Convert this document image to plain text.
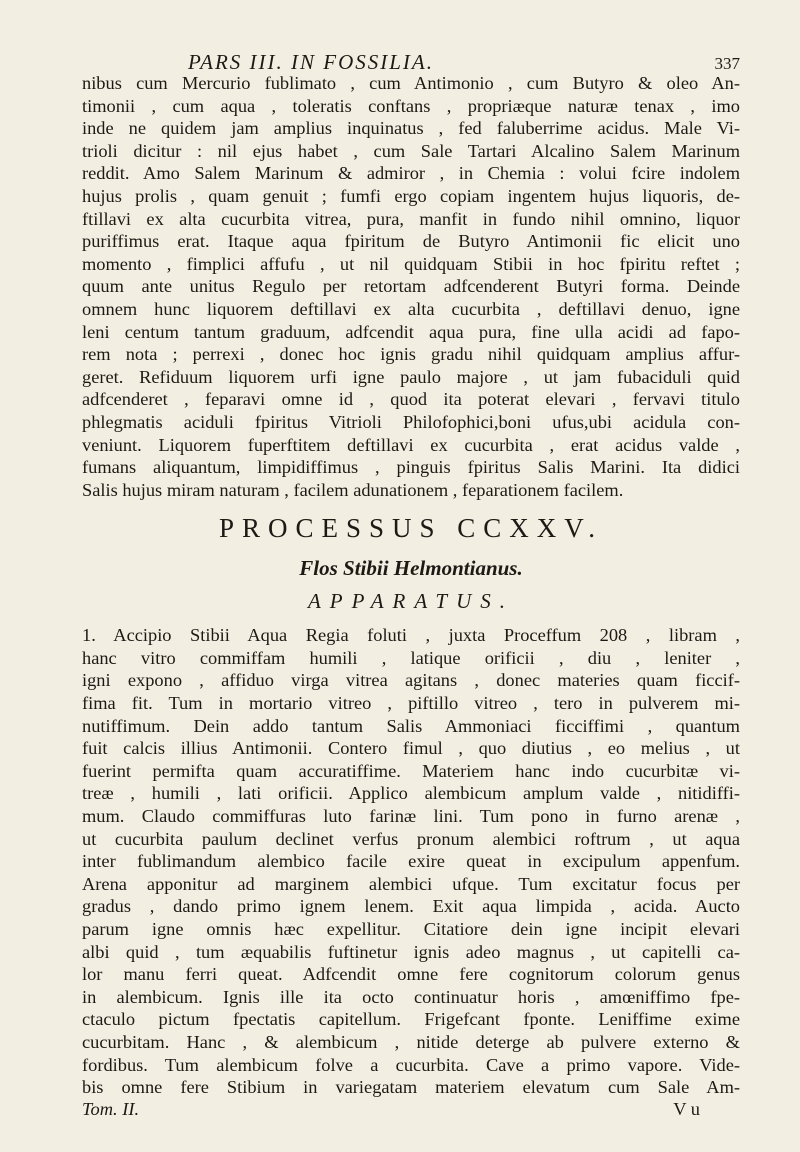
PARS III. IN FOSSILIA.	337

nibus cum Mercurio fublimato , cum Antimonio , cum Butyro & oleo An-
timonii , cum aqua , toleratis conftans , propriæque naturæ tenax , imo
inde ne quidem jam amplius inquinatus , fed faluberrime acidus. Male Vi-
trioli dicitur : nil ejus habet , cum Sale Tartari Alcalino Salem Marinum
reddit. Amo Salem Marinum & admiror , in Chemia : volui fcire indolem
hujus prolis , quam genuit ; fumfi ergo copiam ingentem hujus liquoris, de-
ftillavi ex alta cucurbita vitrea, pura, manfit in fundo nihil omnino, liquor
puriffimus erat. Itaque aqua fpiritum de Butyro Antimonii fic elicit uno
momento , fimplici affufu , ut nil quidquam Stibii in hoc fpiritu reftet ;
quum ante unitus Regulo per retortam adfcenderent Butyri forma. Deinde
omnem hunc liquorem deftillavi ex alta cucurbita , deftillavi denuo, igne
leni centum tantum graduum, adfcendit aqua pura, fine ulla acidi ad fapo-
rem nota ; perrexi , donec hoc ignis gradu nihil quidquam amplius affur-
geret. Refiduum liquorem urfi igne paulo majore , ut jam fubaciduli quid
adfcenderet , feparavi omne id , quod ita poterat elevari , fervavi titulo
phlegmatis aciduli fpiritus Vitrioli Philofophici,boni ufus,ubi acidula con-
veniunt. Liquorem fuperftitem deftillavi ex cucurbita , erat acidus valde ,
fumans aliquantum, limpidiffimus , pinguis fpiritus Salis Marini. Ita didici
Salis hujus miram naturam , facilem adunationem , feparationem facilem.

PROCESSUS CCXXV.
Flos Stibii Helmontianus.
APPARATUS.

1. Accipio Stibii Aqua Regia foluti , juxta Proceffum 208 , libram ,
hanc vitro commiffam humili , latique orificii , diu , leniter ,
igni expono , affiduo virga vitrea agitans , donec materies quam ficcif-
fima fit. Tum in mortario vitreo , piftillo vitreo , tero in pulverem mi-
nutiffimum. Dein addo tantum Salis Ammoniaci ficciffimi , quantum
fuit calcis illius Antimonii. Contero fimul , quo diutius , eo melius , ut
fuerint permifta quam accuratiffime. Materiem hanc indo cucurbitæ vi-
treæ , humili , lati orificii. Applico alembicum amplum valde , nitidiffi-
mum. Claudo commiffuras luto farinæ lini. Tum pono in furno arenæ ,
ut cucurbita paulum declinet verfus pronum alembici roftrum , ut aqua
inter fublimandum alembico facile exire queat in excipulum appenfum.
Arena apponitur ad marginem alembici ufque. Tum excitatur focus per
gradus , dando primo ignem lenem. Exit aqua limpida , acida. Aucto
parum igne omnis hæc expellitur. Citatiore dein igne incipit elevari
albi quid , tum æquabilis fuftinetur ignis adeo magnus , ut capitelli ca-
lor manu ferri queat. Adfcendit omne fere cognitorum colorum genus
in alembicum. Ignis ille ita octo continuatur horis , amœniffimo fpe-
ctaculo pictum fpectatis capitellum. Frigefcant fponte. Leniffime exime
cucurbitam. Hanc , & alembicum , nitide deterge ab pulvere externo &
fordibus. Tum alembicum folve a cucurbita. Cave a primo vapore. Vide-
bis omne fere Stibium in variegatam materiem elevatum cum Sale Am-

Tom. II.	V u
